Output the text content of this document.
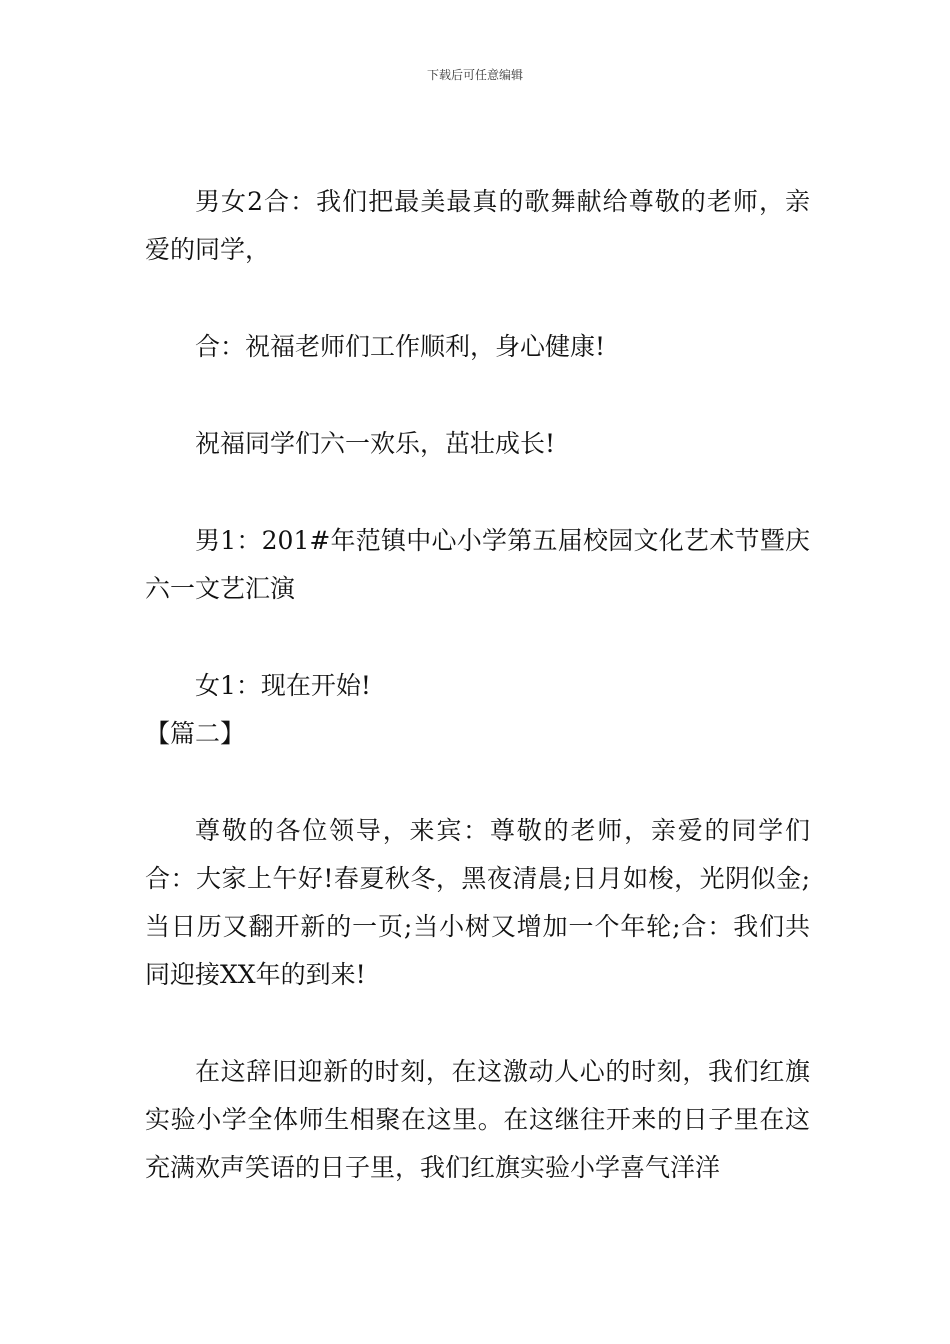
下载后可任意编辑

男女2合：我们把最美最真的歌舞献给尊敬的老师，亲爱的同学，

合：祝福老师们工作顺利，身心健康!

祝福同学们六一欢乐，茁壮成长!

男1：201#年范镇中心小学第五届校园文化艺术节暨庆六一文艺汇演

女1：现在开始!

【篇二】

尊敬的各位领导，来宾：尊敬的老师，亲爱的同学们合：大家上午好!春夏秋冬，黑夜清晨;日月如梭，光阴似金;当日历又翻开新的一页;当小树又增加一个年轮;合：我们共同迎接XX年的到来!

在这辞旧迎新的时刻，在这激动人心的时刻，我们红旗实验小学全体师生相聚在这里。在这继往开来的日子里在这充满欢声笑语的日子里，我们红旗实验小学喜气洋洋
